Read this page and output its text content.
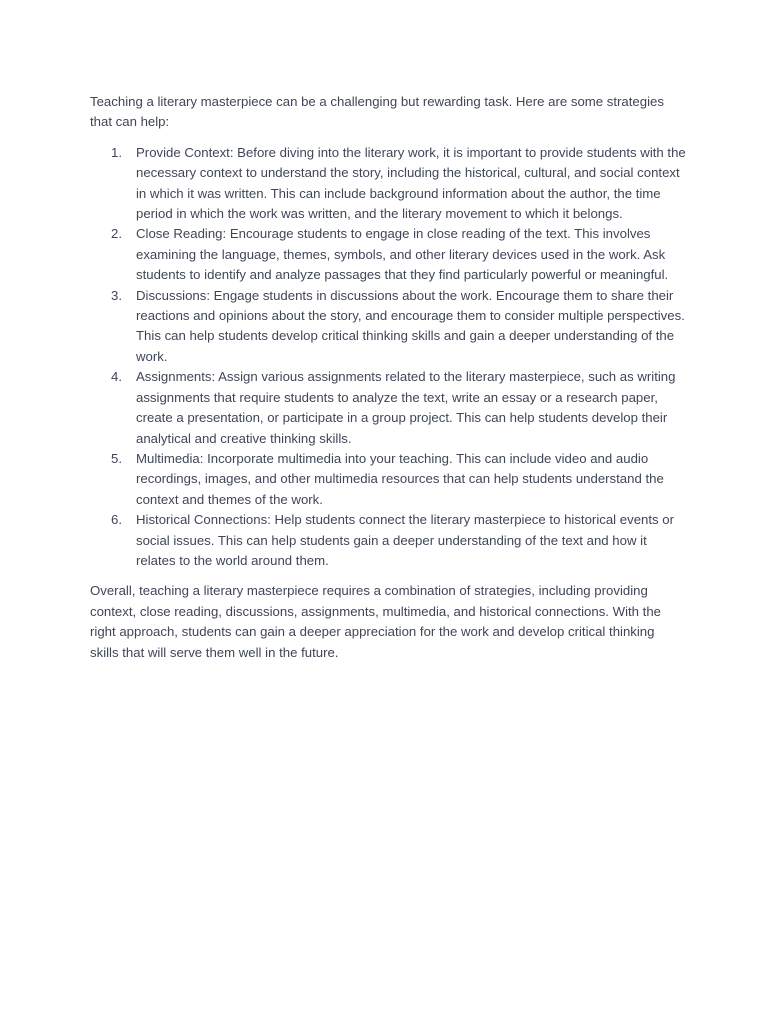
Teaching a literary masterpiece can be a challenging but rewarding task. Here are some strategies that can help:

1.	Provide Context: Before diving into the literary work, it is important to provide students with the necessary context to understand the story, including the historical, cultural, and social context in which it was written. This can include background information about the author, the time period in which the work was written, and the literary movement to which it belongs.
2.	Close Reading: Encourage students to engage in close reading of the text. This involves examining the language, themes, symbols, and other literary devices used in the work. Ask students to identify and analyze passages that they find particularly powerful or meaningful.
3.	Discussions: Engage students in discussions about the work. Encourage them to share their reactions and opinions about the story, and encourage them to consider multiple perspectives. This can help students develop critical thinking skills and gain a deeper understanding of the work.
4.	Assignments: Assign various assignments related to the literary masterpiece, such as writing assignments that require students to analyze the text, write an essay or a research paper, create a presentation, or participate in a group project. This can help students develop their analytical and creative thinking skills.
5.	Multimedia: Incorporate multimedia into your teaching. This can include video and audio recordings, images, and other multimedia resources that can help students understand the context and themes of the work.
6.	Historical Connections: Help students connect the literary masterpiece to historical events or social issues. This can help students gain a deeper understanding of the text and how it relates to the world around them.

Overall, teaching a literary masterpiece requires a combination of strategies, including providing context, close reading, discussions, assignments, multimedia, and historical connections. With the right approach, students can gain a deeper appreciation for the work and develop critical thinking skills that will serve them well in the future.
